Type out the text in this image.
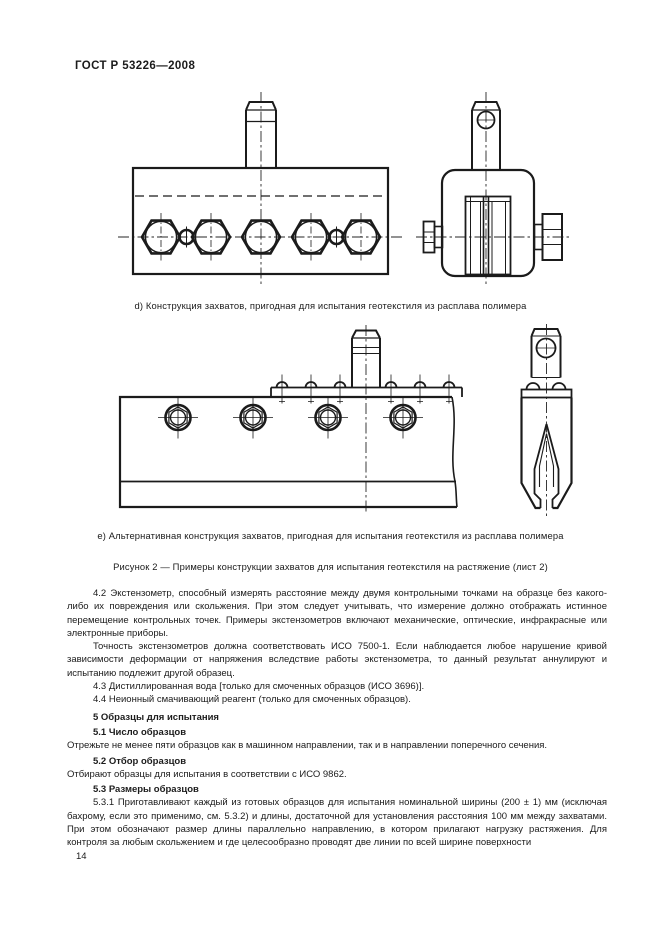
ГОСТ Р 53226—2008
d) Конструкция захватов, пригодная для испытания геотекстиля из расплава полимера
e) Альтернативная конструкция захватов, пригодная для испытания геотекстиля из расплава полимера
Рисунок 2 — Примеры конструкции захватов для испытания геотекстиля на растяжение (лист 2)

4.2 Экстензометр, способный измерять расстояние между двумя контрольными точками на образце без какого-либо их повреждения или скольжения. При этом следует учитывать, что измерение должно отображать истинное перемещение контрольных точек. Примеры экстензометров включают механические, оптические, инфракрасные или электронные приборы.

Точность экстензометров должна соответствовать ИСО 7500-1. Если наблюдается любое нарушение кривой зависимости деформации от напряжения вследствие работы экстензометра, то данный результат аннулируют и испытанию подлежит другой образец.

4.3 Дистиллированная вода [только для смоченных образцов (ИСО 3696)].

4.4 Неионный смачивающий реагент (только для смоченных образцов).

5 Образцы для испытания

5.1 Число образцов

Отрежьте не менее пяти образцов как в машинном направлении, так и в направлении поперечного сечения.

5.2 Отбор образцов

Отбирают образцы для испытания в соответствии с ИСО 9862.

5.3 Размеры образцов

5.3.1 Приготавливают каждый из готовых образцов для испытания номинальной ширины (200 ± 1) мм (исключая бахрому, если это применимо, см. 5.3.2) и длины, достаточной для установления расстояния 100 мм между захватами. При этом обозначают размер длины параллельно направлению, в котором прилагают нагрузку растяжения. Для контроля за любым скольжением и где целесообразно проводят две линии по всей ширине поверхности

14
